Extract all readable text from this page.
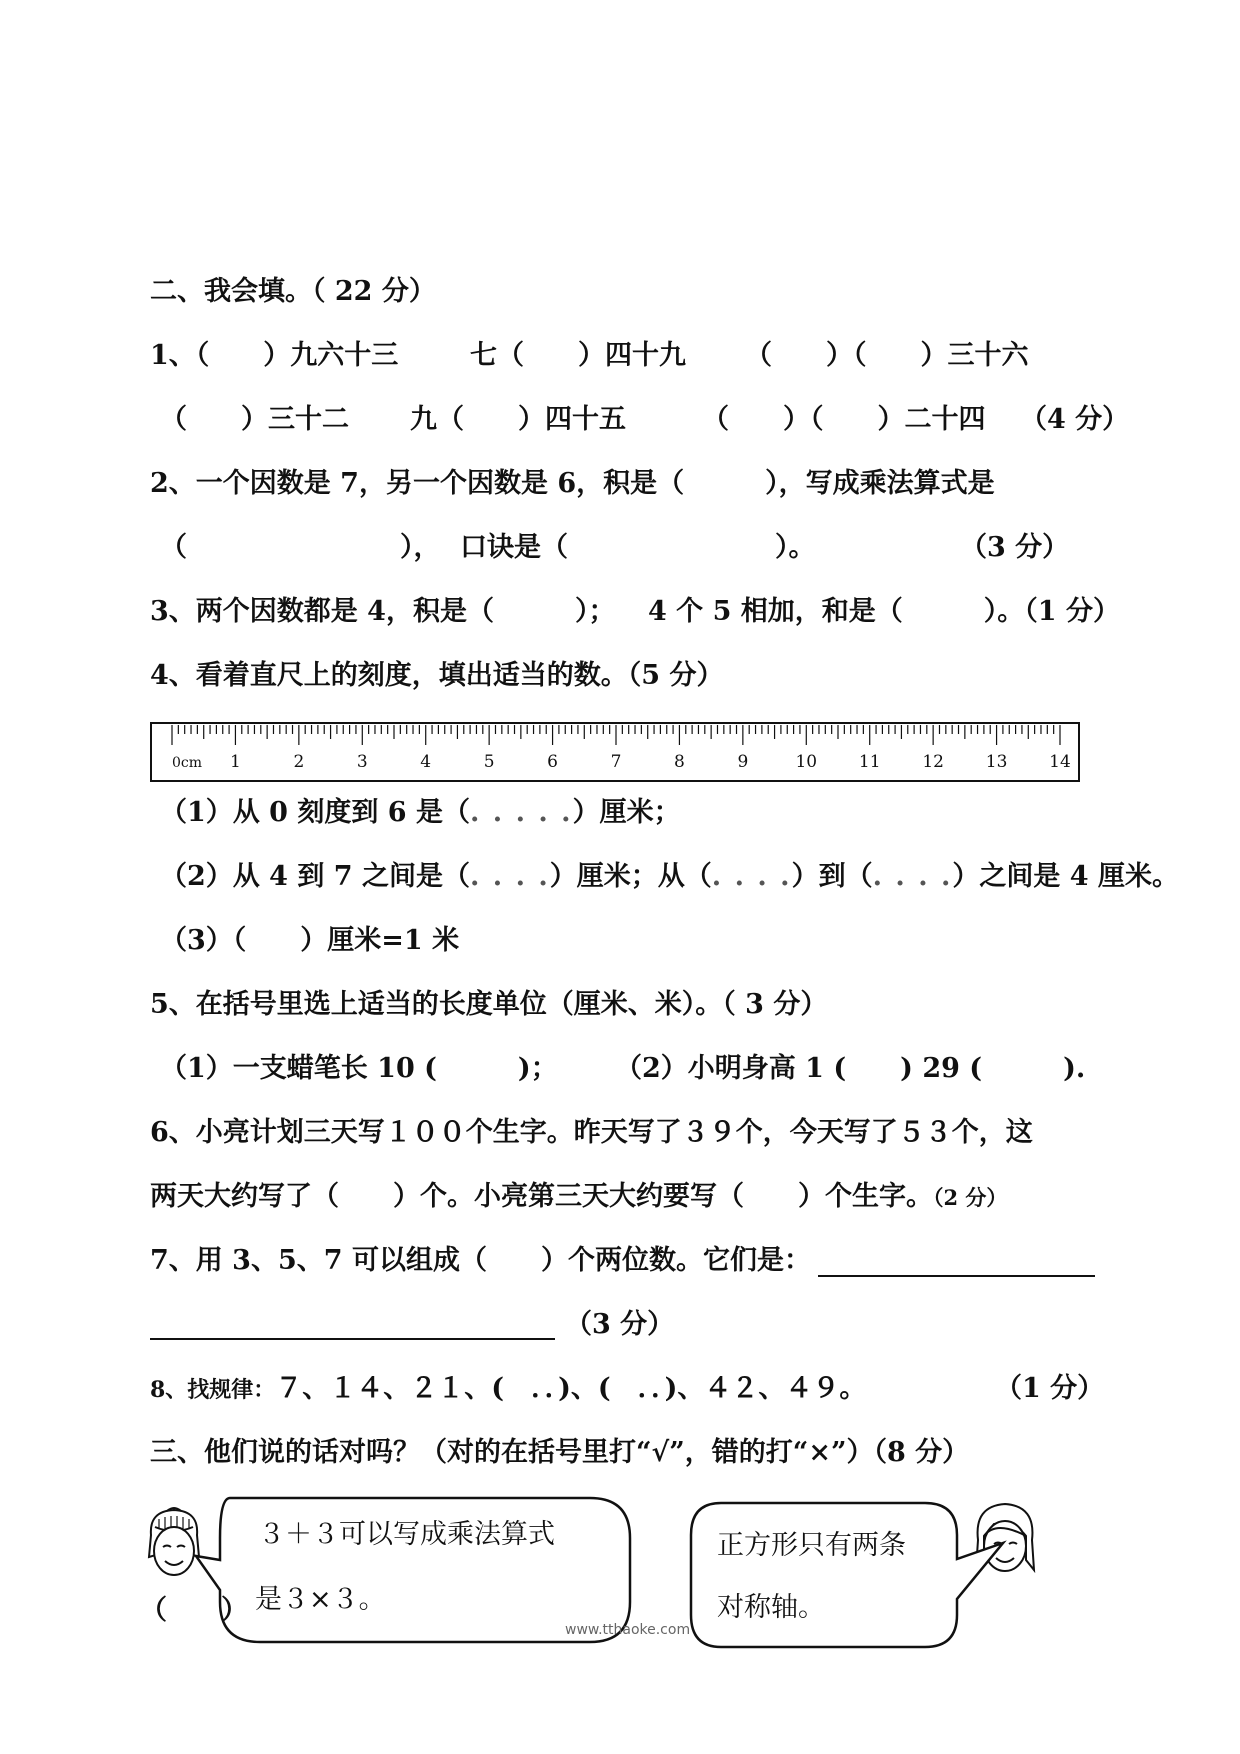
二、我会填。（ 22 分）
1、（　　）九六十三	七（　　）四十九 （　　）（　　）三十六
（　　）三十二 九（　　）四十五	（　　）（　　）二十四 （4 分）
2、一个因数是 7，另一个因数是 6，积是（　　　），写成乘法算式是
（	）， 口诀是（	）。	（3 分）
3、两个因数都是 4，积是（　　　）； 4 个 5 相加，和是（　　　）。（1 分）
4、看着直尺上的刻度，填出适当的数。（5 分）
0cm 1	2	3	4	5	6	7	8	9	10 11 12 13 14
（1）从 0 刻度到 6 是（. . . . .）厘米；
（2）从 4 到 7 之间是（. . . .）厘米；从（. . . .）到（. . . .）之间是 4 厘米。
（3）（　　）厘米=1 米
5、在括号里选上适当的长度单位（厘米、米）。（ 3 分）
（1）一支蜡笔长 10 (　　　)； （2）小明身高 1 (　　) 29 (　　　).
6、小亮计划三天写１００个生字。昨天写了３９个，今天写了５３个，这
两天大约写了（　　）个。小亮第三天大约要写（　　）个生字。（2 分）
7、用 3、5、7 可以组成（　　）个两位数。它们是：
（3 分）
8、找规律：７、１４、２１、(　．．)、(　．．)、４２、４９。	（1 分）
三、他们说的话对吗？（对的在括号里打“√”，错的打“×”）（8 分）
３＋３可以写成乘法算式
是３×３。
（　　）
正方形只有两条
对称轴。
www.tthaoke.com
